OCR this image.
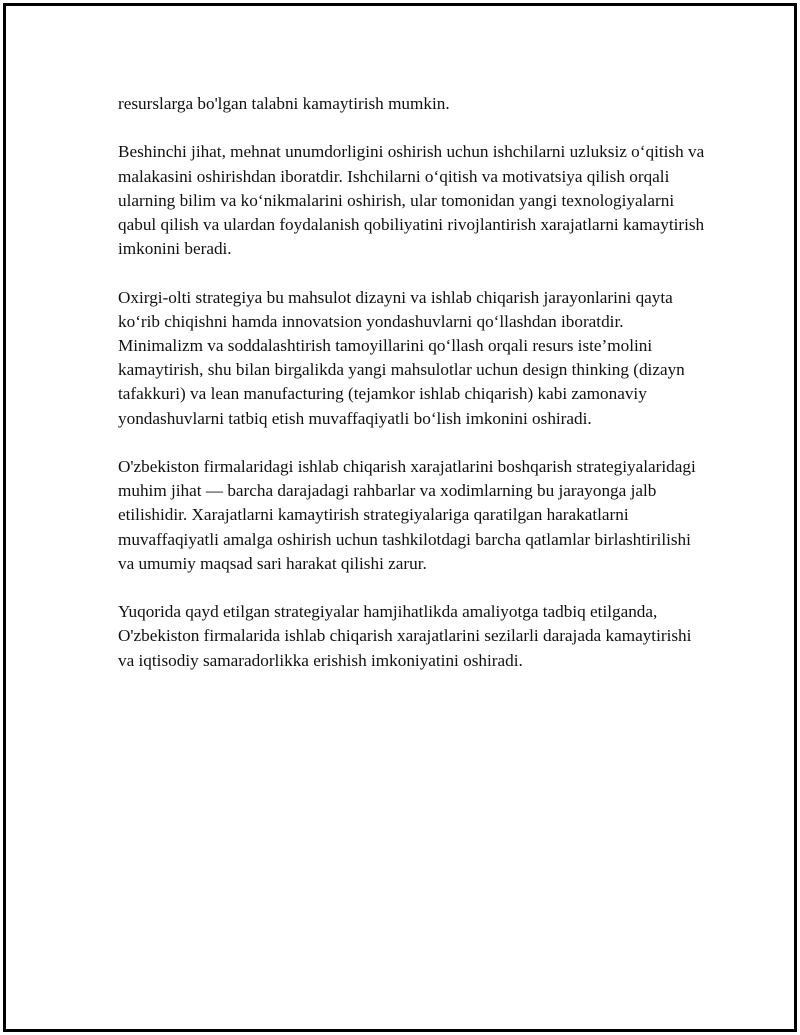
resurslarga bo'lgan talabni kamaytirish mumkin.

Beshinchi jihat, mehnat unumdorligini oshirish uchun ishchilarni uzluksiz o‘qitish va malakasini oshirishdan iboratdir. Ishchilarni o‘qitish va motivatsiya qilish orqali ularning bilim va ko‘nikmalarini oshirish, ular tomonidan yangi texnologiyalarni qabul qilish va ulardan foydalanish qobiliyatini rivojlantirish xarajatlarni kamaytirish imkonini beradi.

Oxirgi-olti strategiya bu mahsulot dizayni va ishlab chiqarish jarayonlarini qayta ko‘rib chiqishni hamda innovatsion yondashuvlarni qo‘llashdan iboratdir. Minimalizm va soddalashtirish tamoyillarini qo‘llash orqali resurs iste’molini kamaytirish, shu bilan birgalikda yangi mahsulotlar uchun design thinking (dizayn tafakkuri) va lean manufacturing (tejamkor ishlab chiqarish) kabi zamonaviy yondashuvlarni tatbiq etish muvaffaqiyatli bo‘lish imkonini oshiradi.

O'zbekiston firmalaridagi ishlab chiqarish xarajatlarini boshqarish strategiyalaridagi muhim jihat — barcha darajadagi rahbarlar va xodimlarning bu jarayonga jalb etilishidir. Xarajatlarni kamaytirish strategiyalariga qaratilgan harakatlarni muvaffaqiyatli amalga oshirish uchun tashkilotdagi barcha qatlamlar birlashtirilishi va umumiy maqsad sari harakat qilishi zarur.

Yuqorida qayd etilgan strategiyalar hamjihatlikda amaliyotga tadbiq etilganda, O'zbekiston firmalarida ishlab chiqarish xarajatlarini sezilarli darajada kamaytirishi va iqtisodiy samaradorlikka erishish imkoniyatini oshiradi.
